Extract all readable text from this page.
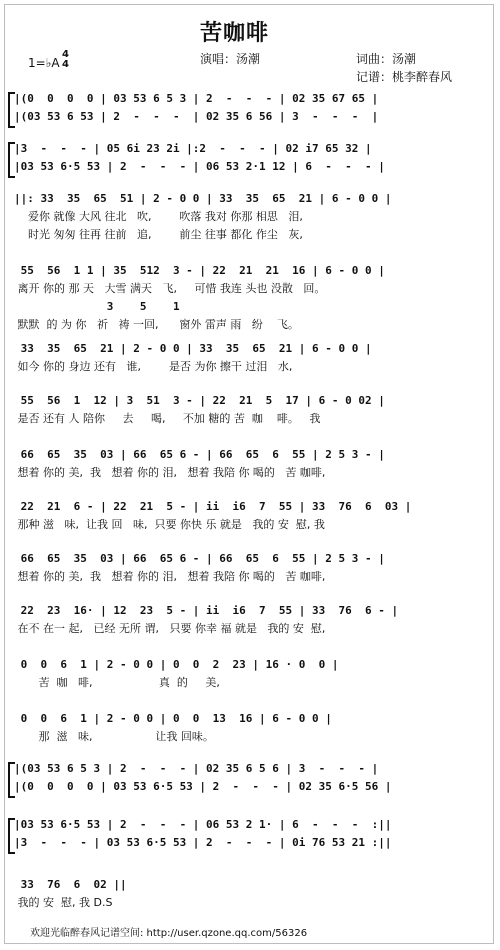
苦咖啡
1=♭A
4
4	演唱：汤潮	词曲：汤潮
记谱：桃李醉春风
|(0  0  0  0 | 03 53 6 5 3 | 2  -  -  - | 02 35 67 65 |
|(03 53 6 53 | 2  -  -  -  | 02 35 6 56 | 3  -  -  -  |
|3  -  -  - | 05 6i 23 2i |:2  -  -  - | 02 i7 65 32 |
|03 53 6·5 53 | 2  -  -  - | 06 53 2·1 12 | 6  -  -  - |
||: 33  35  65  51 | 2 - 0 0 | 33  35  65  21 | 6 - 0 0 |
爱你 就像 大风 往北   吹,        吹落 我对 你那 相思   泪,
时光 匆匆 往再 往前   追,        前尘 往事 都化 作尘   灰,
55  56  1 1 | 35  512  3 - | 22  21  21  16 | 6 - 0 0 |
离开 你的 那 天   大雪 满天   飞,     可惜 我连 头也 没散   回。
3    5    1
默默  的 为 你   祈   祷 一回,      窗外 雷声 雨   纷    飞。
33  35  65  21 | 2 - 0 0 | 33  35  65  21 | 6 - 0 0 |
如今 你的 身边 还有   谁,        是否 为你 擦干 过泪   水,
55  56  1  12 | 3  51  3 - | 22  21  5  17 | 6 - 0 02 |
是否 还有 人 陪你     去     喝,     不加 糖的 苦  咖    啡。   我
66  65  35  03 | 66  65 6 - | 66  65  6  55 | 2 5 3 - |
想着 你的 美,  我   想着 你的 泪,   想着 我陪 你 喝的   苦 咖啡,
22  21  6 - | 22  21  5 - | ii  i6  7  55 | 33  76  6  03 |
那种 滋   味,  让我 回   味,  只要 你快 乐 就是   我的 安  慰, 我
66  65  35  03 | 66  65 6 - | 66  65  6  55 | 2 5 3 - |
想着 你的 美,  我   想着 你的 泪,   想着 我陪 你 喝的   苦 咖啡,
22  23  16· | 12  23  5 - | ii  i6  7  55 | 33  76  6 - |
在不 在一 起,   已经 无所 谓,   只要 你幸 福 就是   我的 安  慰,
0  0  6  1 | 2 - 0 0 | 0  0  2  23 | 16 · 0  0 |
苦  咖   啡,                   真  的     美,
0  0  6  1 | 2 - 0 0 | 0  0  13  16 | 6 - 0 0 |
那  滋   味,                  让我 回味。
|(03 53 6 5 3 | 2  -  -  - | 02 35 6 5 6 | 3  -  -  - |
|(0  0  0  0 | 03 53 6·5 53 | 2  -  -  - | 02 35 6·5 56 |
|03 53 6·5 53 | 2  -  -  - | 06 53 2 1· | 6  -  -  -  :||
|3  -  -  - | 03 53 6·5 53 | 2  -  -  - | 0i 76 53 21 :||
33  76  6  02 ||
我的 安  慰, 我 D.S
欢迎光临醉春风记谱空间: http://user.qzone.qq.com/56326
